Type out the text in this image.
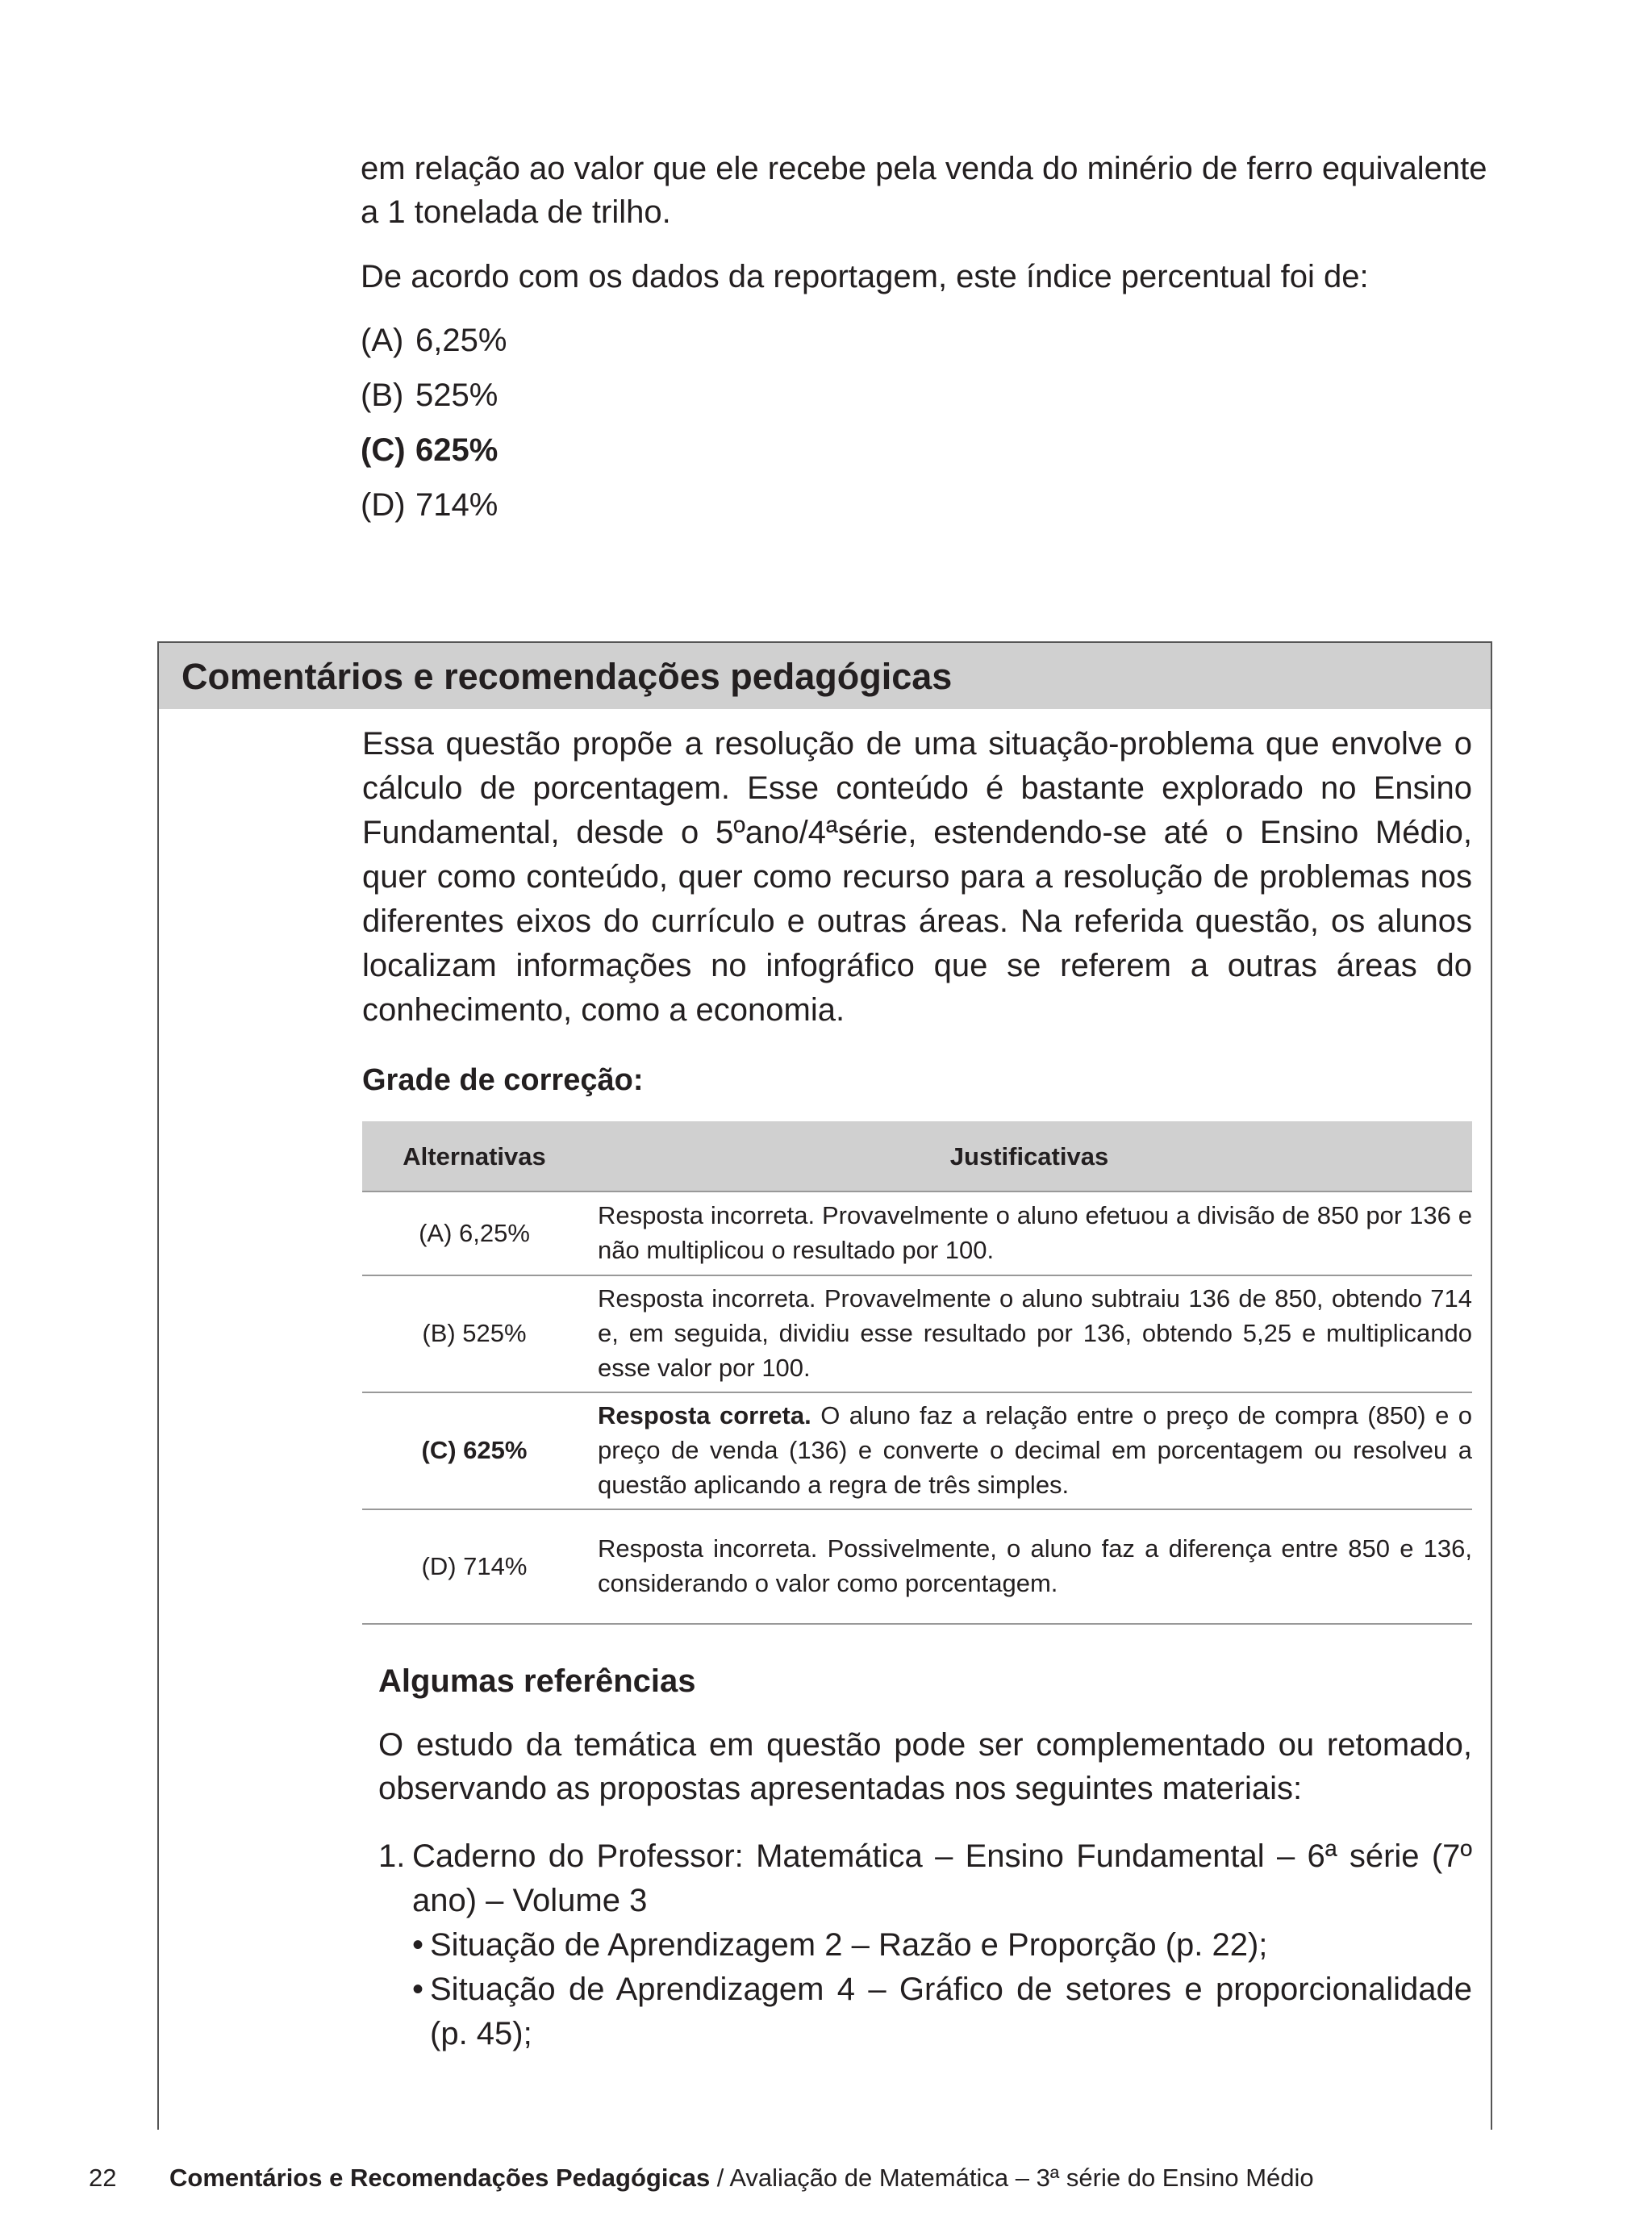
em relação ao valor que ele recebe pela venda do minério de ferro equivalente a 1 tonelada de trilho.

De acordo com os dados da reportagem, este índice percentual foi de:

(A) 6,25%
(B) 525%
(C) 625%
(D) 714%
Comentários e recomendações pedagógicas

Essa questão propõe a resolução de uma situação-problema que envolve o cálculo de porcentagem. Esse conteúdo é bastante explorado no Ensino Fundamental, desde o 5ºano/4ªsérie, estendendo-se até o Ensino Médio, quer como conteúdo, quer como recurso para a resolução de problemas nos diferentes eixos do currículo e outras áreas. Na referida questão, os alunos localizam informações no infográfico que se referem a outras áreas do conhecimento, como a economia.

Grade de correção:

Alternativas	Justificativas
(A) 6,25%	Resposta incorreta. Provavelmente o aluno efetuou a divisão de 850 por 136 e não multiplicou o resultado por 100.
(B) 525%	Resposta incorreta. Provavelmente o aluno subtraiu 136 de 850, obtendo 714 e, em seguida, dividiu esse resultado por 136, obtendo 5,25 e multiplicando esse valor por 100.
(C) 625%	Resposta correta. O aluno faz a relação entre o preço de compra (850) e o preço de venda (136) e converte o decimal em porcentagem ou resolveu a questão aplicando a regra de três simples.
(D) 714%	Resposta incorreta. Possivelmente, o aluno faz a diferença entre 850 e 136, considerando o valor como porcentagem.

Algumas referências

O estudo da temática em questão pode ser complementado ou retomado, observando as propostas apresentadas nos seguintes materiais:

1. Caderno do Professor: Matemática – Ensino Fundamental – 6ª série (7º ano) – Volume 3
• Situação de Aprendizagem 2 – Razão e Proporção (p. 22);
• Situação de Aprendizagem 4 – Gráfico de setores e proporcionalidade (p. 45);
22 Comentários e Recomendações Pedagógicas / Avaliação de Matemática – 3ª série do Ensino Médio
